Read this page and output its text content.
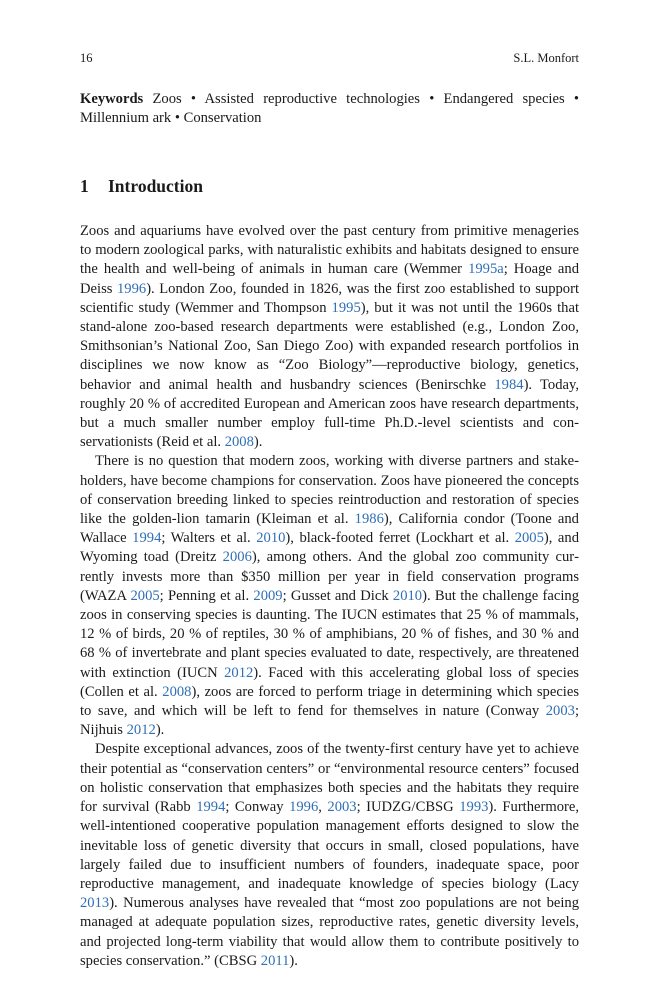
16	S.L. Monfort
Keywords Zoos • Assisted reproductive technologies • Endangered species • Millennium ark • Conservation
1	Introduction

Zoos and aquariums have evolved over the past century from primitive menageries to modern zoological parks, with naturalistic exhibits and habitats designed to ensure the health and well-being of animals in human care (Wemmer 1995a; Hoage and Deiss 1996). London Zoo, founded in 1826, was the first zoo established to support scientific study (Wemmer and Thompson 1995), but it was not until the 1960s that stand-alone zoo-based research departments were established (e.g., London Zoo, Smithsonian’s National Zoo, San Diego Zoo) with expanded research portfolios in disciplines we now know as “Zoo Biology”—reproductive biology, genetics, behavior and animal health and husbandry sciences (Benirschke 1984). Today, roughly 20 % of accredited European and American zoos have research departments, but a much smaller number employ full-time Ph.D.-level scientists and conservationists (Reid et al. 2008).

There is no question that modern zoos, working with diverse partners and stakeholders, have become champions for conservation. Zoos have pioneered the concepts of conservation breeding linked to species reintroduction and restoration of species like the golden-lion tamarin (Kleiman et al. 1986), California condor (Toone and Wallace 1994; Walters et al. 2010), black-footed ferret (Lockhart et al. 2005), and Wyoming toad (Dreitz 2006), among others. And the global zoo community currently invests more than $350 million per year in field conservation programs (WAZA 2005; Penning et al. 2009; Gusset and Dick 2010). But the challenge facing zoos in conserving species is daunting. The IUCN estimates that 25 % of mammals, 12 % of birds, 20 % of reptiles, 30 % of amphibians, 20 % of fishes, and 30 % and 68 % of invertebrate and plant species evaluated to date, respectively, are threatened with extinction (IUCN 2012). Faced with this accelerating global loss of species (Collen et al. 2008), zoos are forced to perform triage in determining which species to save, and which will be left to fend for themselves in nature (Conway 2003; Nijhuis 2012).

Despite exceptional advances, zoos of the twenty-first century have yet to achieve their potential as “conservation centers” or “environmental resource centers” focused on holistic conservation that emphasizes both species and the habitats they require for survival (Rabb 1994; Conway 1996, 2003; IUDZG/CBSG 1993). Furthermore, well-intentioned cooperative population management efforts designed to slow the inevitable loss of genetic diversity that occurs in small, closed populations, have largely failed due to insufficient numbers of founders, inadequate space, poor reproductive management, and inadequate knowledge of species biology (Lacy 2013). Numerous analyses have revealed that “most zoo populations are not being managed at adequate population sizes, reproductive rates, genetic diversity levels, and projected long-term viability that would allow them to contribute positively to species conservation.” (CBSG 2011).
